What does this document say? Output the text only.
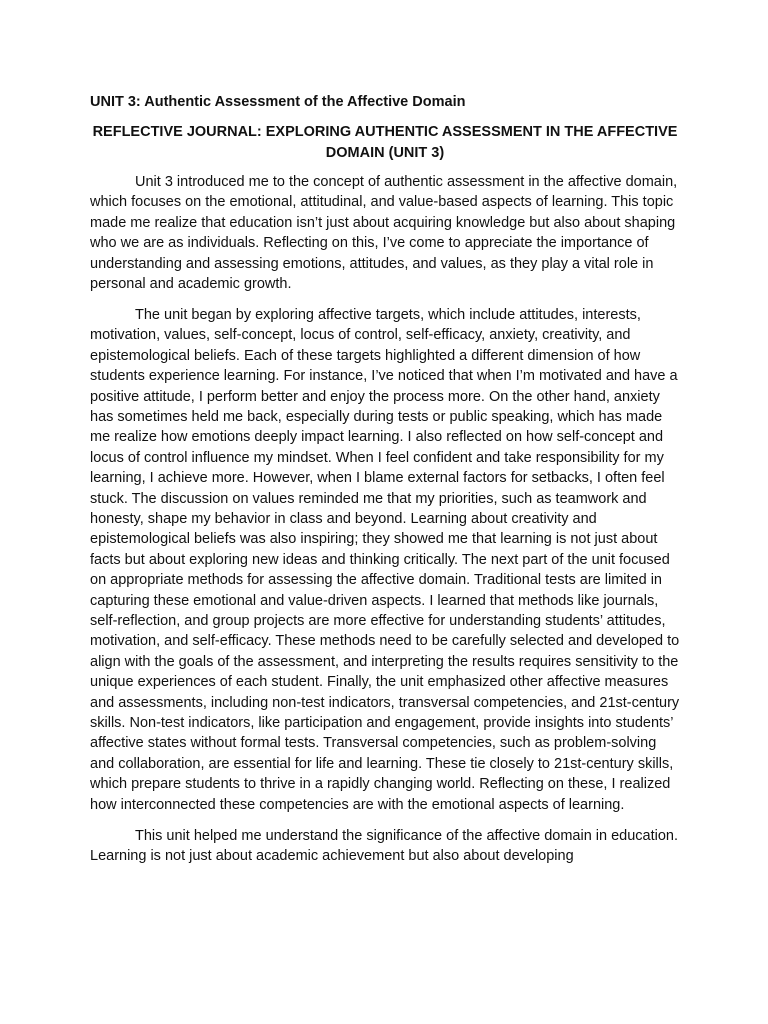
UNIT 3: Authentic Assessment of the Affective Domain
REFLECTIVE JOURNAL: EXPLORING AUTHENTIC ASSESSMENT IN THE AFFECTIVE DOMAIN (UNIT 3)

Unit 3 introduced me to the concept of authentic assessment in the affective domain, which focuses on the emotional, attitudinal, and value-based aspects of learning. This topic made me realize that education isn’t just about acquiring knowledge but also about shaping who we are as individuals. Reflecting on this, I’ve come to appreciate the importance of understanding and assessing emotions, attitudes, and values, as they play a vital role in personal and academic growth.

The unit began by exploring affective targets, which include attitudes, interests, motivation, values, self-concept, locus of control, self-efficacy, anxiety, creativity, and epistemological beliefs. Each of these targets highlighted a different dimension of how students experience learning. For instance, I’ve noticed that when I’m motivated and have a positive attitude, I perform better and enjoy the process more. On the other hand, anxiety has sometimes held me back, especially during tests or public speaking, which has made me realize how emotions deeply impact learning. I also reflected on how self-concept and locus of control influence my mindset. When I feel confident and take responsibility for my learning, I achieve more. However, when I blame external factors for setbacks, I often feel stuck. The discussion on values reminded me that my priorities, such as teamwork and honesty, shape my behavior in class and beyond. Learning about creativity and epistemological beliefs was also inspiring; they showed me that learning is not just about facts but about exploring new ideas and thinking critically. The next part of the unit focused on appropriate methods for assessing the affective domain. Traditional tests are limited in capturing these emotional and value-driven aspects. I learned that methods like journals, self-reflection, and group projects are more effective for understanding students’ attitudes, motivation, and self-efficacy. These methods need to be carefully selected and developed to align with the goals of the assessment, and interpreting the results requires sensitivity to the unique experiences of each student. Finally, the unit emphasized other affective measures and assessments, including non-test indicators, transversal competencies, and 21st-century skills. Non-test indicators, like participation and engagement, provide insights into students’ affective states without formal tests. Transversal competencies, such as problem-solving and collaboration, are essential for life and learning. These tie closely to 21st-century skills, which prepare students to thrive in a rapidly changing world. Reflecting on these, I realized how interconnected these competencies are with the emotional aspects of learning.

This unit helped me understand the significance of the affective domain in education. Learning is not just about academic achievement but also about developing
